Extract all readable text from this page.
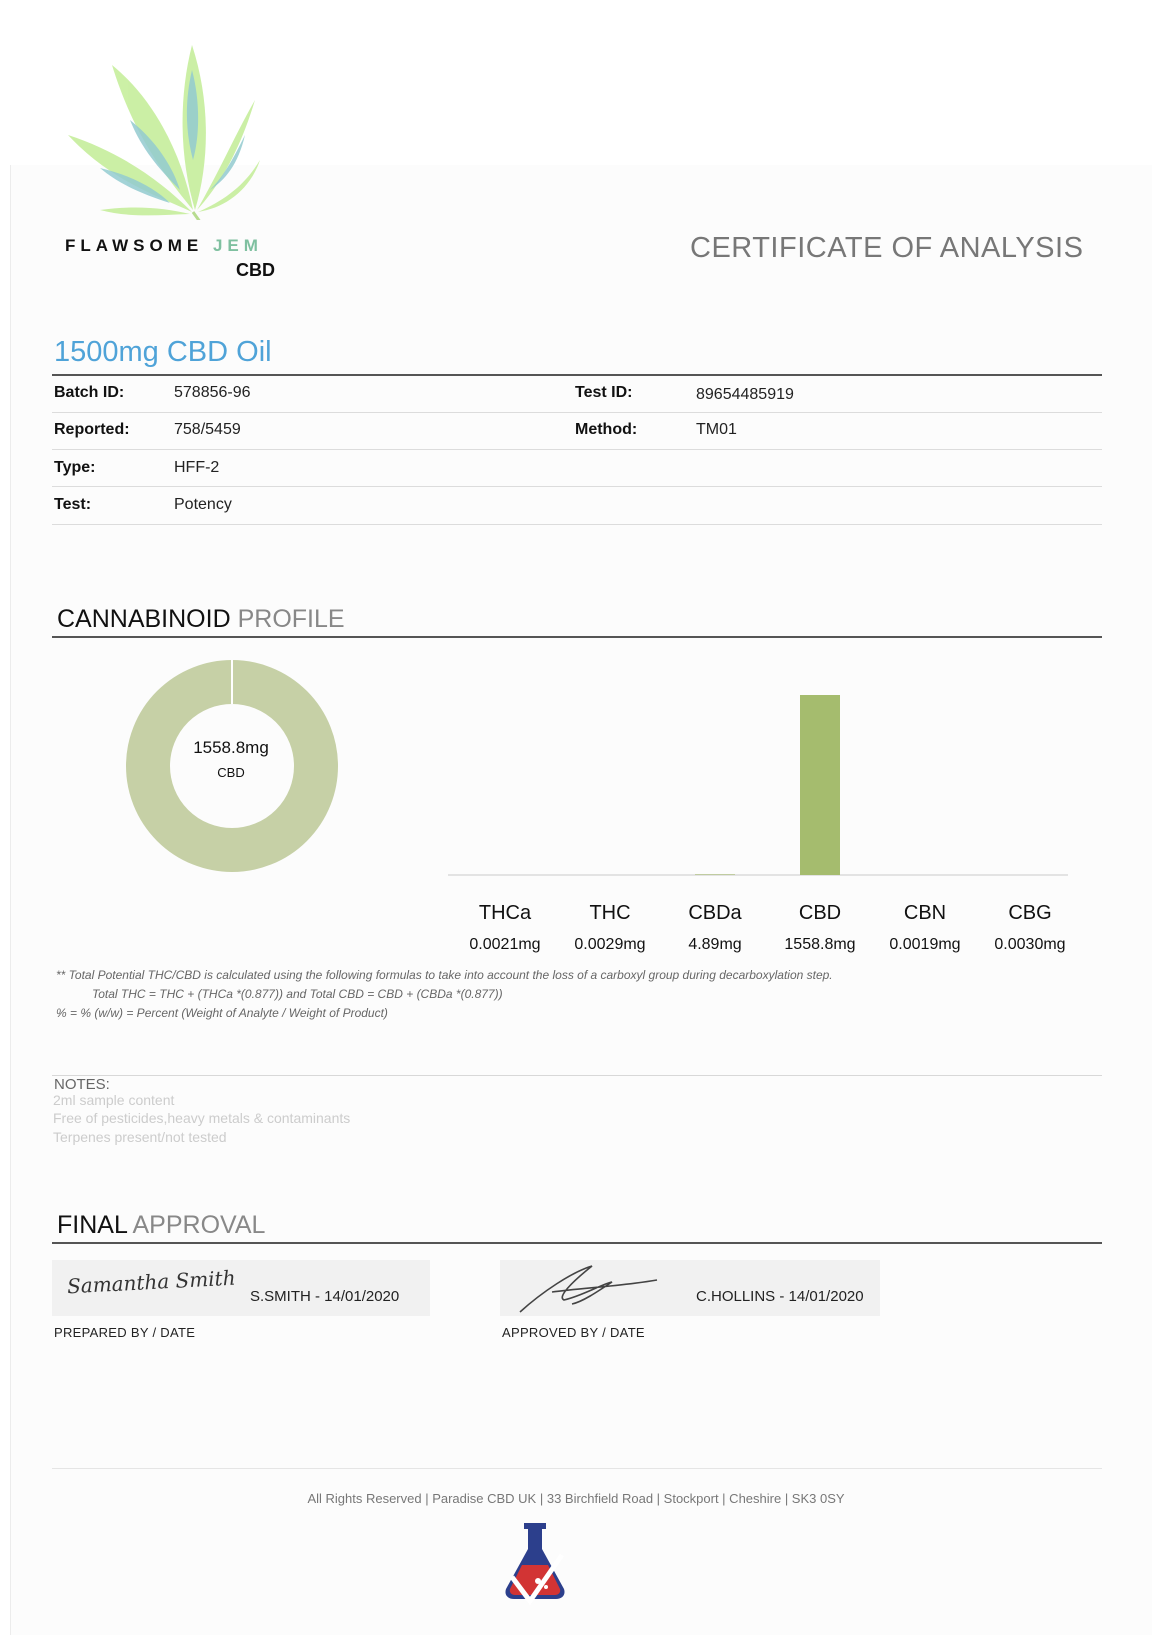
FLAWSOME JEM
CBD
CERTIFICATE OF ANALYSIS
1500mg CBD Oil
Batch ID:	578856-96	Test ID:	89654485919
Reported:	758/5459	Method:	TM01
Type:	HFF-2
Test:	Potency
CANNABINOID PROFILE
1558.8mg
CBD
** Total Potential THC/CBD is calculated using the following formulas to take into account the loss of a carboxyl group during decarboxylation step.
Total THC = THC + (THCa *(0.877)) and Total CBD = CBD + (CBDa *(0.877))
% = % (w/w) = Percent (Weight of Analyte / Weight of Product)
NOTES:
2ml sample content
Free of pesticides,heavy metals & contaminants
Terpenes present/not tested
FINAL APPROVAL
Samantha Smith S.SMITH - 14/01/2020
PREPARED BY / DATE
C.HOLLINS - 14/01/2020
APPROVED BY / DATE
All Rights Reserved | Paradise CBD UK | 33 Birchfield Road | Stockport | Cheshire | SK3 0SY
THCa
0.0021mg
THC
0.0029mg
CBDa
4.89mg
CBD
1558.8mg
CBN
0.0019mg
CBG
0.0030mg
